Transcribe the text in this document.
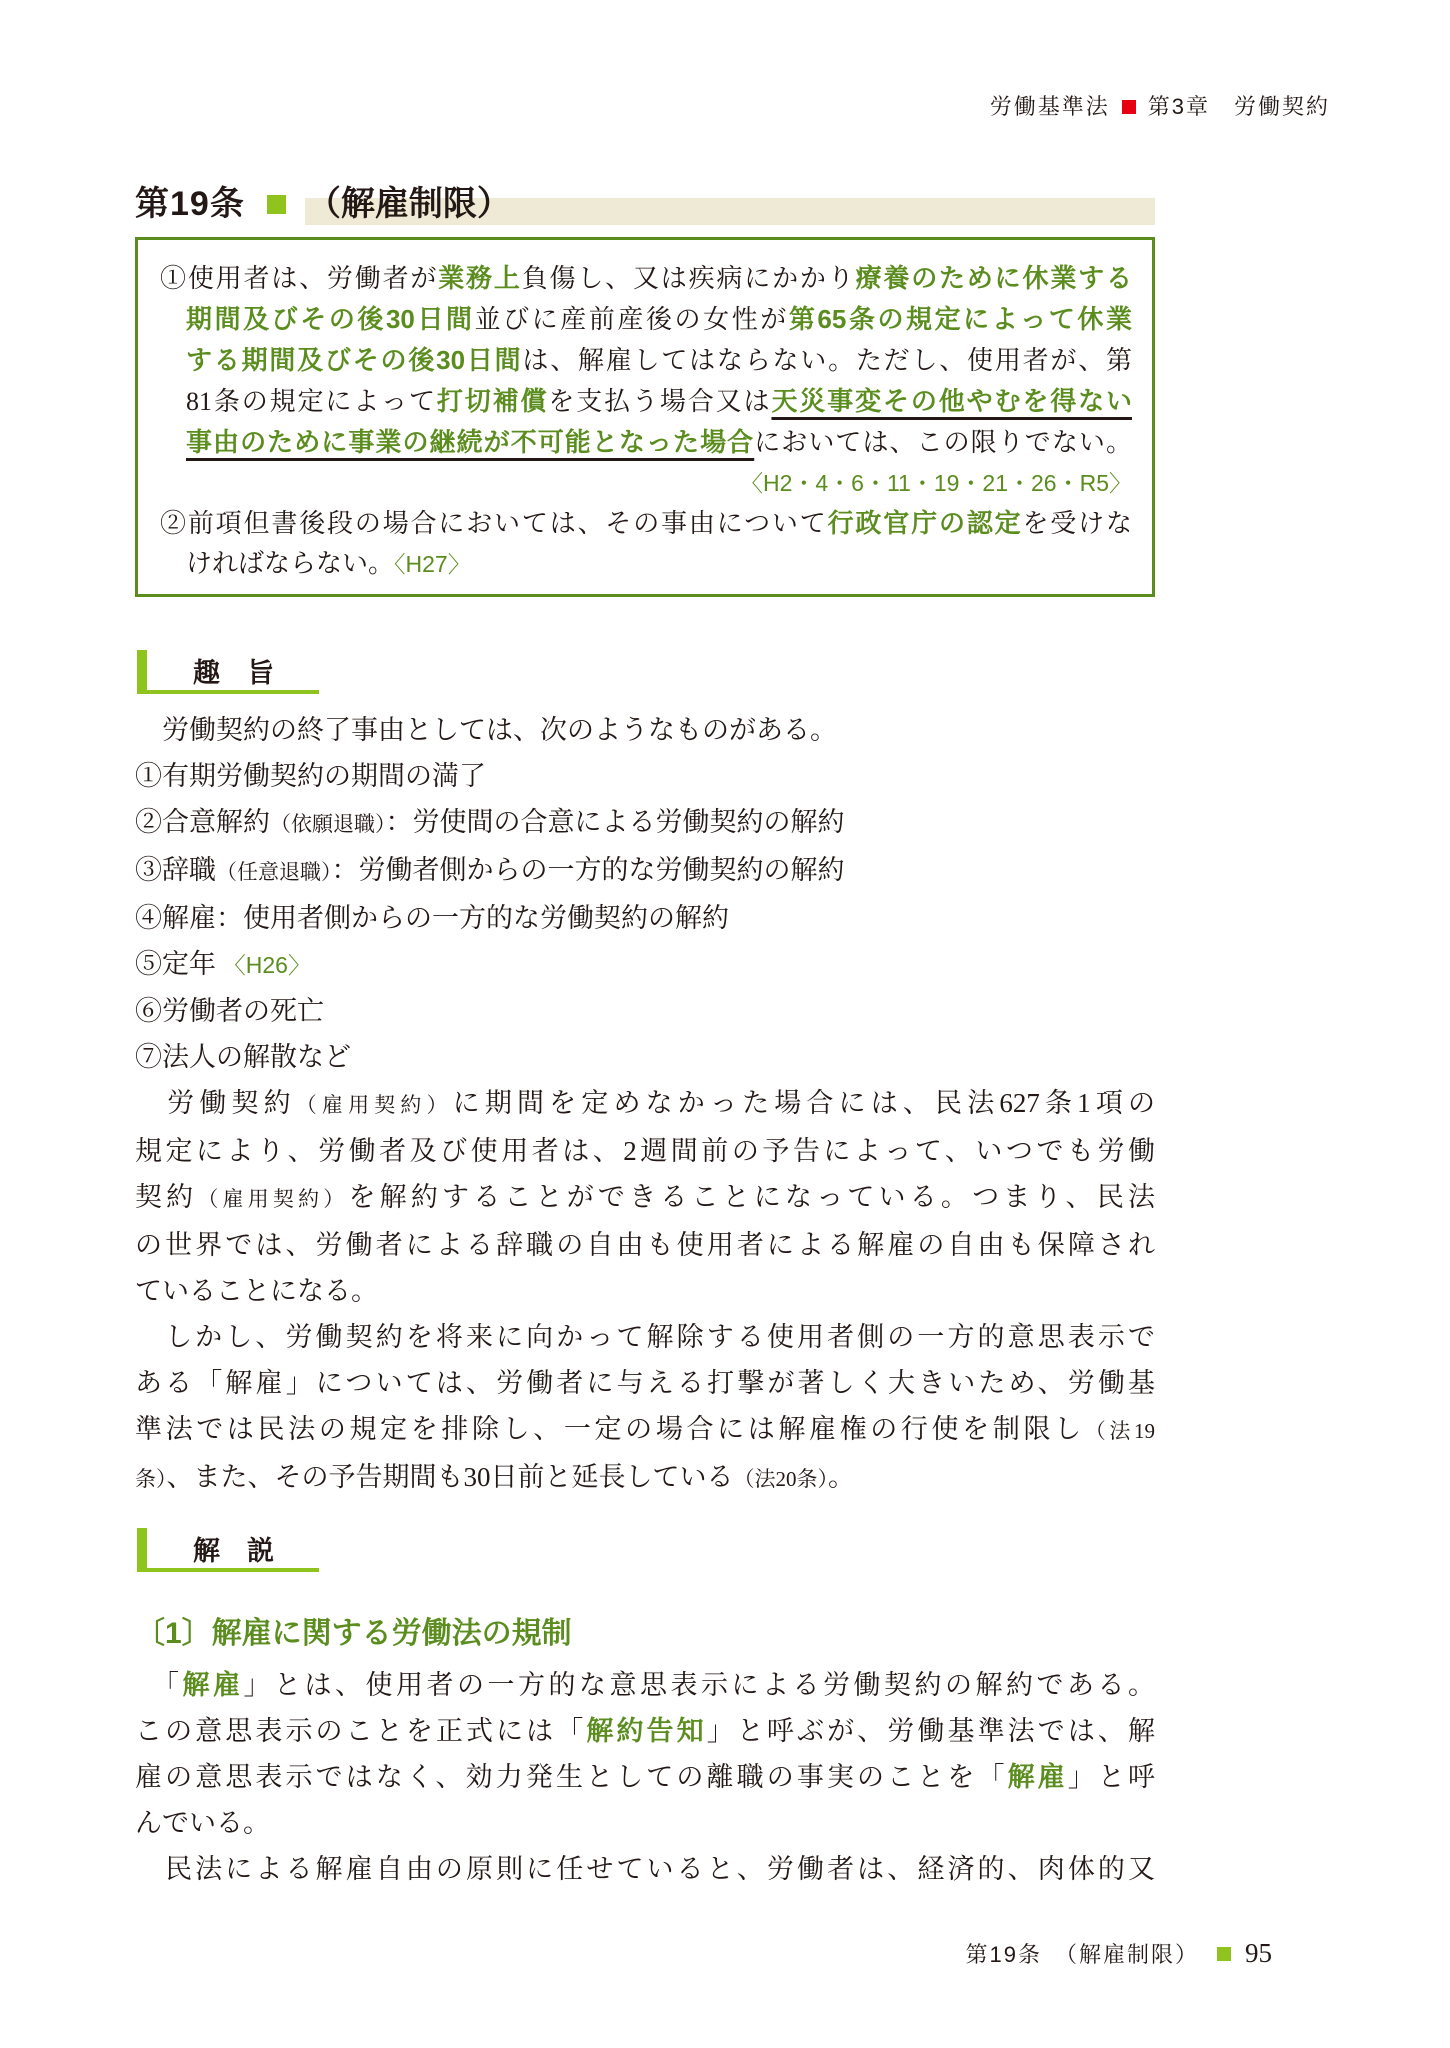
労働基準法 第3章　労働契約
第19条 （解雇制限）
①使用者は、労働者が業務上負傷し、又は疾病にかかり療養のために休業する
期間及びその後30日間並びに産前産後の女性が第65条の規定によって休業
する期間及びその後30日間は、解雇してはならない。ただし、使用者が、第
81条の規定によって打切補償を支払う場合又は天災事変その他やむを得ない
事由のために事業の継続が不可能となった場合においては、この限りでない。
〈H2・4・6・11・19・21・26・R5〉
②前項但書後段の場合においては、その事由について行政官庁の認定を受けな
ければならない。〈H27〉
趣　旨
　労働契約の終了事由としては、次のようなものがある。
①有期労働契約の期間の満了
②合意解約（依願退職）：労使間の合意による労働契約の解約
③辞職（任意退職）：労働者側からの一方的な労働契約の解約
④解雇：使用者側からの一方的な労働契約の解約
⑤定年 〈H26〉
⑥労働者の死亡
⑦法人の解散など
　労働契約（雇用契約）に期間を定めなかった場合には、民法627条1項の
規定により、労働者及び使用者は、2週間前の予告によって、いつでも労働
契約（雇用契約）を解約することができることになっている。つまり、民法
の世界では、労働者による辞職の自由も使用者による解雇の自由も保障され
ていることになる。
　しかし、労働契約を将来に向かって解除する使用者側の一方的意思表示で
ある「解雇」については、労働者に与える打撃が著しく大きいため、労働基
準法では民法の規定を排除し、一定の場合には解雇権の行使を制限し（法19
条）、また、その予告期間も30日前と延長している（法20条）。
解　説
〔1〕解雇に関する労働法の規制
　「解雇」とは、使用者の一方的な意思表示による労働契約の解約である。
この意思表示のことを正式には「解約告知」と呼ぶが、労働基準法では、解
雇の意思表示ではなく、効力発生としての離職の事実のことを「解雇」と呼
んでいる。
　民法による解雇自由の原則に任せていると、労働者は、経済的、肉体的又
第19条　（解雇制限） 95
